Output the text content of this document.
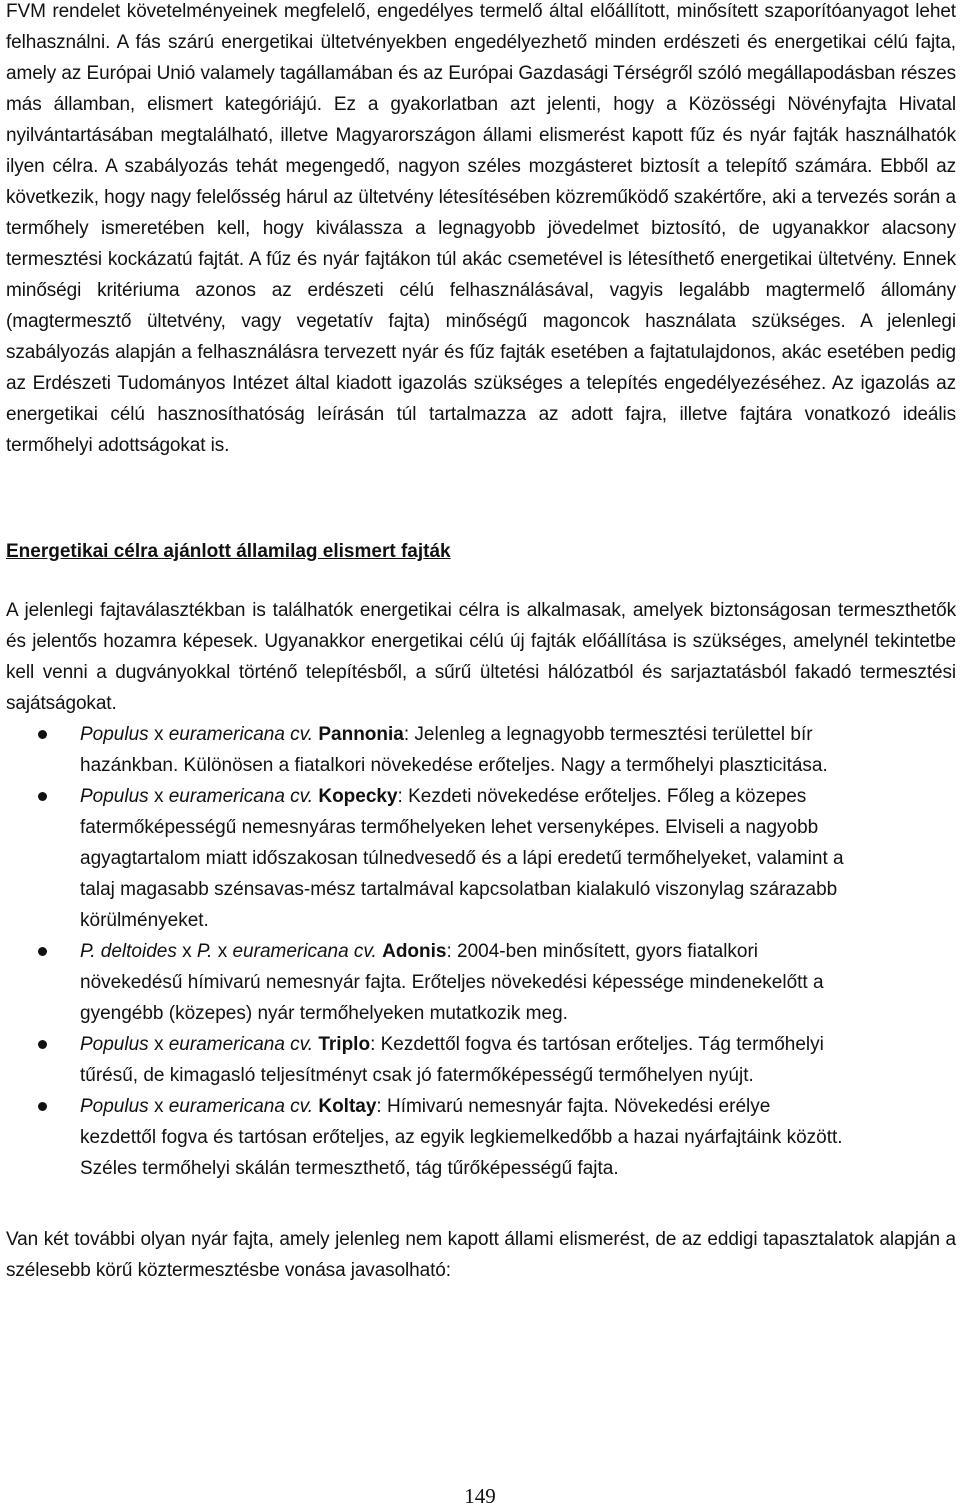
FVM rendelet követelményeinek megfelelő, engedélyes termelő által előállított, minősített szaporítóanyagot lehet felhasználni. A fás szárú energetikai ültetvényekben engedélyezhető minden erdészeti és energetikai célú fajta, amely az Európai Unió valamely tagállamában és az Európai Gazdasági Térségről szóló megállapodásban részes más államban, elismert kategóriájú. Ez a gyakorlatban azt jelenti, hogy a Közösségi Növényfajta Hivatal nyilvántartásában megtalálható, illetve Magyarországon állami elismerést kapott fűz és nyár fajták használhatók ilyen célra. A szabályozás tehát megengedő, nagyon széles mozgásteret biztosít a telepítő számára. Ebből az következik, hogy nagy felelősség hárul az ültetvény létesítésében közreműködő szakértőre, aki a tervezés során a termőhely ismeretében kell, hogy kiválassza a legnagyobb jövedelmet biztosító, de ugyanakkor alacsony termesztési kockázatú fajtát. A fűz és nyár fajtákon túl akác csemetével is létesíthető energetikai ültetvény. Ennek minőségi kritériuma azonos az erdészeti célú felhasználásával, vagyis legalább magtermelő állomány (magtermesztő ültetvény, vagy vegetatív fajta) minőségű magoncok használata szükséges. A jelenlegi szabályozás alapján a felhasználásra tervezett nyár és fűz fajták esetében a fajtatulajdonos, akác esetében pedig az Erdészeti Tudományos Intézet által kiadott igazolás szükséges a telepítés engedélyezéséhez. Az igazolás az energetikai célú hasznosíthatóság leírásán túl tartalmazza az adott fajra, illetve fajtára vonatkozó ideális termőhelyi adottságokat is.

Energetikai célra ajánlott államilag elismert fajták

A jelenlegi fajtaválasztékban is találhatók energetikai célra is alkalmasak, amelyek biztonságosan termeszthetők és jelentős hozamra képesek. Ugyanakkor energetikai célú új fajták előállítása is szükséges, amelynél tekintetbe kell venni a dugványokkal történő telepítésből, a sűrű ültetési hálózatból és sarjaztatásból fakadó termesztési sajátságokat.

Populus x euramericana cv. Pannonia: Jelenleg a legnagyobb termesztési területtel bír hazánkban. Különösen a fiatalkori növekedése erőteljes. Nagy a termőhelyi plaszticitása.
Populus x euramericana cv. Kopecky: Kezdeti növekedése erőteljes. Főleg a közepes fatermőképességű nemesnyáras termőhelyeken lehet versenyképes. Elviseli a nagyobb agyagtartalom miatt időszakosan túlnedvesedő és a lápi eredetű termőhelyeket, valamint a talaj magasabb szénsavas-mész tartalmával kapcsolatban kialakuló viszonylag szárazabb körülményeket.
P. deltoides x P. x euramericana cv. Adonis: 2004-ben minősített, gyors fiatalkori növekedésű hímivarú nemesnyár fajta. Erőteljes növekedési képessége mindenekelőtt a gyengébb (közepes) nyár termőhelyeken mutatkozik meg.
Populus x euramericana cv. Triplo: Kezdettől fogva és tartósan erőteljes. Tág termőhelyi tűrésű, de kimagasló teljesítményt csak jó fatermőképességű termőhelyen nyújt.
Populus x euramericana cv. Koltay: Hímivarú nemesnyár fajta. Növekedési erélye kezdettől fogva és tartósan erőteljes, az egyik legkiemelkedőbb a hazai nyárfajtáink között. Széles termőhelyi skálán termeszthető, tág tűrőképességű fajta.

Van két további olyan nyár fajta, amely jelenleg nem kapott állami elismerést, de az eddigi tapasztalatok alapján a szélesebb körű köztermesztésbe vonása javasolható:

149
